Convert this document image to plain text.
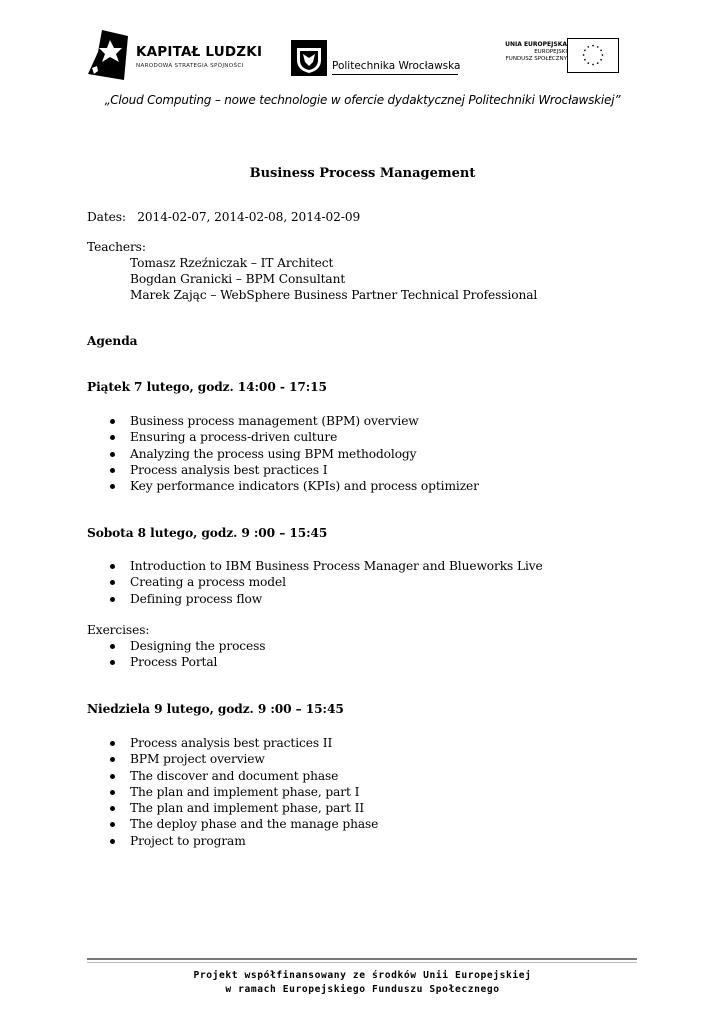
KAPITAŁ LUDZKI
NARODOWA STRATEGIA SPÓJNOŚCI	Politechnika Wrocławska
UNIA EUROPEJSKA
EUROPEJSKI
FUNDUSZ SPOŁECZNY
„Cloud Computing – nowe technologie w ofercie dydaktycznej Politechniki Wrocławskiej”
Business Process Management
Dates: 2014-02-07, 2014-02-08, 2014-02-09
Teachers:
Tomasz Rzeźniczak – IT Architect
Bogdan Granicki – BPM Consultant
Marek Zając – WebSphere Business Partner Technical Professional
Agenda
Piątek 7 lutego, godz. 14:00 - 17:15
Business process management (BPM) overview
Ensuring a process-driven culture
Analyzing the process using BPM methodology
Process analysis best practices I
Key performance indicators (KPIs) and process optimizer
Sobota 8 lutego, godz. 9 :00 – 15:45
Introduction to IBM Business Process Manager and Blueworks Live
Creating a process model
Defining process flow
Exercises:
Designing the process
Process Portal
Niedziela 9 lutego, godz. 9 :00 – 15:45
Process analysis best practices II
BPM project overview
The discover and document phase
The plan and implement phase, part I
The plan and implement phase, part II
The deploy phase and the manage phase
Project to program
Projekt współfinansowany ze środków Unii Europejskiej
w ramach Europejskiego Funduszu Społecznego
